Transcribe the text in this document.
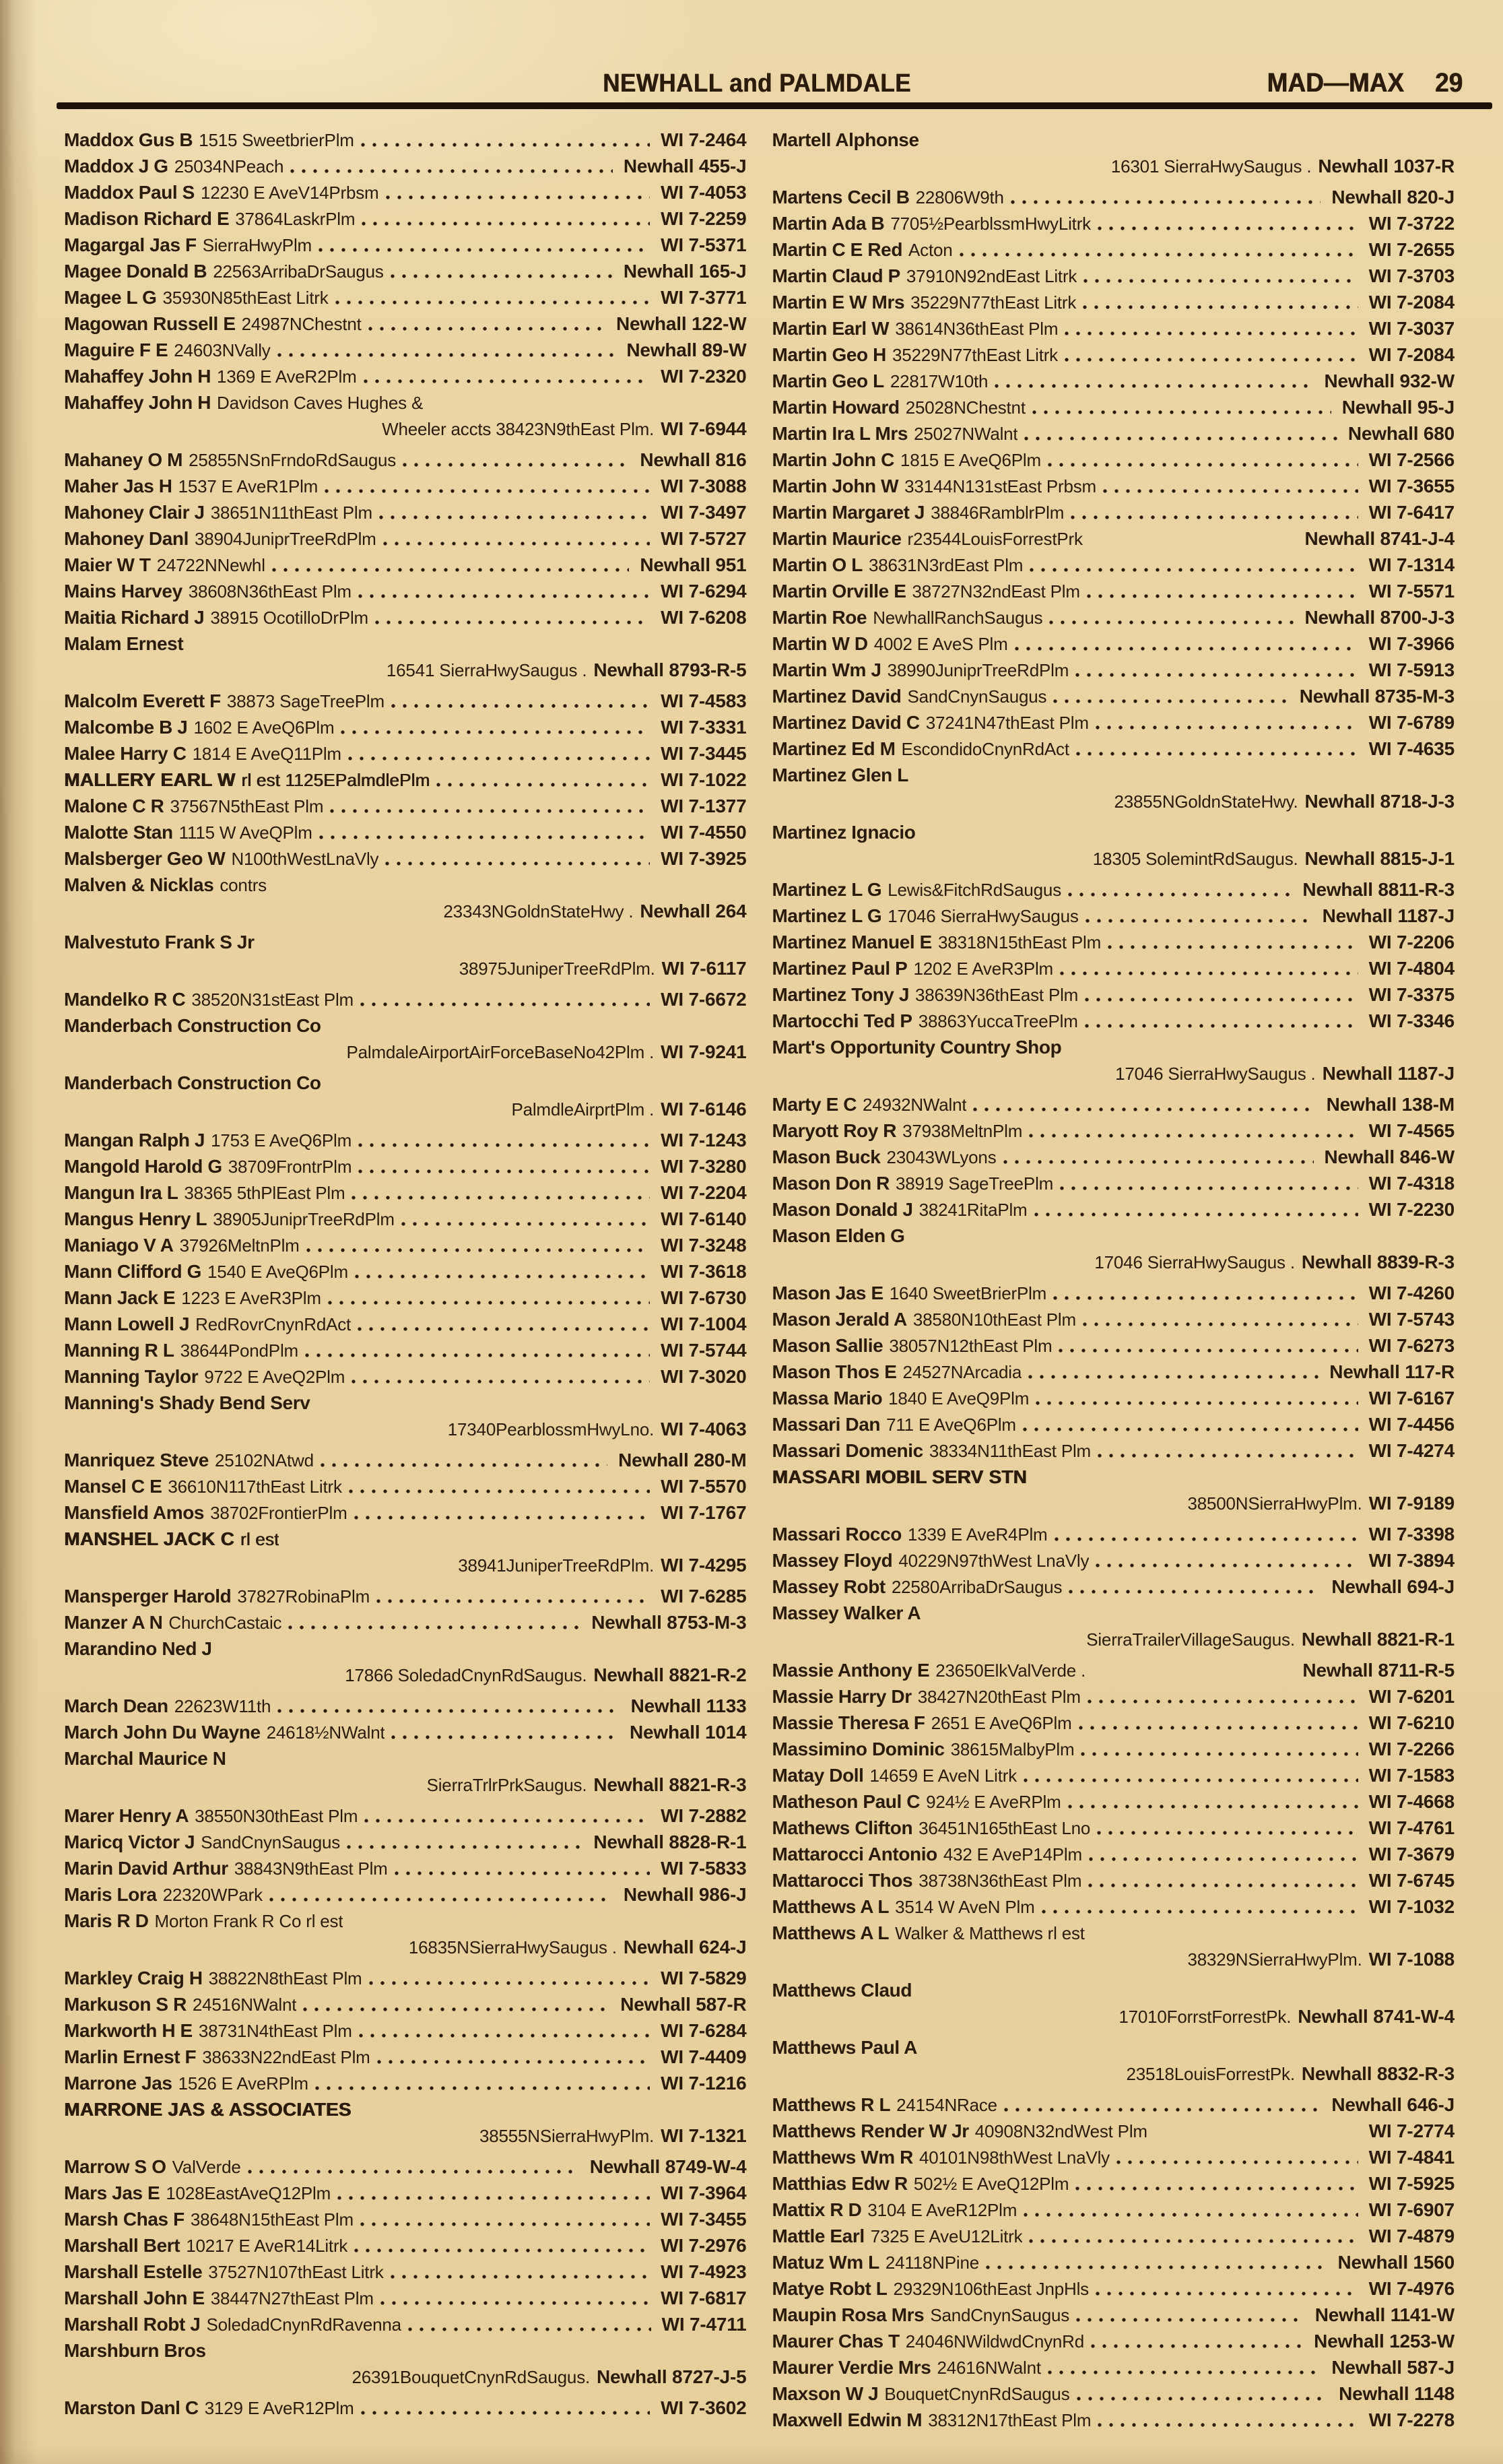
NEWHALL and PALMDALE	MAD—MAX 29
Maddox Gus B 1515 SweetbrierPlm	WI 7-2464
Maddox J G 25034NPeach	Newhall 455-J
Maddox Paul S 12230 E AveV14Prbsm	WI 7-4053
Madison Richard E 37864LaskrPlm	WI 7-2259
Magargal Jas F SierraHwyPlm	WI 7-5371
Magee Donald B 22563ArribaDrSaugus	Newhall 165-J
Magee L G 35930N85thEast Litrk	WI 7-3771
Magowan Russell E 24987NChestnt	Newhall 122-W
Maguire F E 24603NVally	Newhall 89-W
Mahaffey John H 1369 E AveR2Plm	WI 7-2320
Mahaffey John H Davidson Caves Hughes &
Wheeler accts 38423N9thEast Plm. WI 7-6944
Mahaney O M 25855NSnFrndoRdSaugus	Newhall 816
Maher Jas H 1537 E AveR1Plm	WI 7-3088
Mahoney Clair J 38651N11thEast Plm	WI 7-3497
Mahoney Danl 38904JuniprTreeRdPlm	WI 7-5727
Maier W T 24722NNewhl	Newhall 951
Mains Harvey 38608N36thEast Plm	WI 7-6294
Maitia Richard J 38915 OcotilloDrPlm	WI 7-6208
Malam Ernest
16541 SierraHwySaugus . Newhall 8793-R-5
Malcolm Everett F 38873 SageTreePlm	WI 7-4583
Malcombe B J 1602 E AveQ6Plm	WI 7-3331
Malee Harry C 1814 E AveQ11Plm	WI 7-3445
MALLERY EARL W rl est 1125EPalmdlePlm	WI 7-1022
Malone C R 37567N5thEast Plm	WI 7-1377
Malotte Stan 1115 W AveQPlm	WI 7-4550
Malsberger Geo W N100thWestLnaVly	WI 7-3925
Malven & Nicklas contrs
23343NGoldnStateHwy . Newhall 264
Malvestuto Frank S Jr
38975JuniperTreeRdPlm. WI 7-6117
Mandelko R C 38520N31stEast Plm	WI 7-6672
Manderbach Construction Co
PalmdaleAirportAirForceBaseNo42Plm . WI 7-9241
Manderbach Construction Co
PalmdleAirprtPlm . WI 7-6146
Mangan Ralph J 1753 E AveQ6Plm	WI 7-1243
Mangold Harold G 38709FrontrPlm	WI 7-3280
Mangun Ira L 38365 5thPlEast Plm	WI 7-2204
Mangus Henry L 38905JuniprTreeRdPlm	WI 7-6140
Maniago V A 37926MeltnPlm	WI 7-3248
Mann Clifford G 1540 E AveQ6Plm	WI 7-3618
Mann Jack E 1223 E AveR3Plm	WI 7-6730
Mann Lowell J RedRovrCnynRdAct	WI 7-1004
Manning R L 38644PondPlm	WI 7-5744
Manning Taylor 9722 E AveQ2Plm	WI 7-3020
Manning's Shady Bend Serv
17340PearblossmHwyLno. WI 7-4063
Manriquez Steve 25102NAtwd	Newhall 280-M
Mansel C E 36610N117thEast Litrk	WI 7-5570
Mansfield Amos 38702FrontierPlm	WI 7-1767
MANSHEL JACK C rl est
38941JuniperTreeRdPlm. WI 7-4295
Mansperger Harold 37827RobinaPlm	WI 7-6285
Manzer A N ChurchCastaic	Newhall 8753-M-3
Marandino Ned J
17866 SoledadCnynRdSaugus. Newhall 8821-R-2
March Dean 22623W11th	Newhall 1133
March John Du Wayne 24618½NWalnt	Newhall 1014
Marchal Maurice N
SierraTrlrPrkSaugus. Newhall 8821-R-3
Marer Henry A 38550N30thEast Plm	WI 7-2882
Maricq Victor J SandCnynSaugus	Newhall 8828-R-1
Marin David Arthur 38843N9thEast Plm	WI 7-5833
Maris Lora 22320WPark	Newhall 986-J
Maris R D Morton Frank R Co rl est
16835NSierraHwySaugus . Newhall 624-J
Markley Craig H 38822N8thEast Plm	WI 7-5829
Markuson S R 24516NWalnt	Newhall 587-R
Markworth H E 38731N4thEast Plm	WI 7-6284
Marlin Ernest F 38633N22ndEast Plm	WI 7-4409
Marrone Jas 1526 E AveRPlm	WI 7-1216
MARRONE JAS & ASSOCIATES
38555NSierraHwyPlm. WI 7-1321
Marrow S O ValVerde	Newhall 8749-W-4
Mars Jas E 1028EastAveQ12Plm	WI 7-3964
Marsh Chas F 38648N15thEast Plm	WI 7-3455
Marshall Bert 10217 E AveR14Litrk	WI 7-2976
Marshall Estelle 37527N107thEast Litrk	WI 7-4923
Marshall John E 38447N27thEast Plm	WI 7-6817
Marshall Robt J SoledadCnynRdRavenna	WI 7-4711
Marshburn Bros
26391BouquetCnynRdSaugus. Newhall 8727-J-5
Marston Danl C 3129 E AveR12Plm	WI 7-3602
Martell Alphonse
16301 SierraHwySaugus . Newhall 1037-R
Martens Cecil B 22806W9th	Newhall 820-J
Martin Ada B 7705½PearblssmHwyLitrk	WI 7-3722
Martin C E Red Acton	WI 7-2655
Martin Claud P 37910N92ndEast Litrk	WI 7-3703
Martin E W Mrs 35229N77thEast Litrk	WI 7-2084
Martin Earl W 38614N36thEast Plm	WI 7-3037
Martin Geo H 35229N77thEast Litrk	WI 7-2084
Martin Geo L 22817W10th	Newhall 932-W
Martin Howard 25028NChestnt	Newhall 95-J
Martin Ira L Mrs 25027NWalnt	Newhall 680
Martin John C 1815 E AveQ6Plm	WI 7-2566
Martin John W 33144N131stEast Prbsm	WI 7-3655
Martin Margaret J 38846RamblrPlm	WI 7-6417
Martin Maurice r23544LouisForrestPrk	Newhall 8741-J-4
Martin O L 38631N3rdEast Plm	WI 7-1314
Martin Orville E 38727N32ndEast Plm	WI 7-5571
Martin Roe NewhallRanchSaugus	Newhall 8700-J-3
Martin W D 4002 E AveS Plm	WI 7-3966
Martin Wm J 38990JuniprTreeRdPlm	WI 7-5913
Martinez David SandCnynSaugus	Newhall 8735-M-3
Martinez David C 37241N47thEast Plm	WI 7-6789
Martinez Ed M EscondidoCnynRdAct	WI 7-4635
Martinez Glen L
23855NGoldnStateHwy. Newhall 8718-J-3
Martinez Ignacio
18305 SolemintRdSaugus. Newhall 8815-J-1
Martinez L G Lewis&FitchRdSaugus	Newhall 8811-R-3
Martinez L G 17046 SierraHwySaugus	Newhall 1187-J
Martinez Manuel E 38318N15thEast Plm	WI 7-2206
Martinez Paul P 1202 E AveR3Plm	WI 7-4804
Martinez Tony J 38639N36thEast Plm	WI 7-3375
Martocchi Ted P 38863YuccaTreePlm	WI 7-3346
Mart's Opportunity Country Shop
17046 SierraHwySaugus . Newhall 1187-J
Marty E C 24932NWalnt	Newhall 138-M
Maryott Roy R 37938MeltnPlm	WI 7-4565
Mason Buck 23043WLyons	Newhall 846-W
Mason Don R 38919 SageTreePlm	WI 7-4318
Mason Donald J 38241RitaPlm	WI 7-2230
Mason Elden G
17046 SierraHwySaugus . Newhall 8839-R-3
Mason Jas E 1640 SweetBrierPlm	WI 7-4260
Mason Jerald A 38580N10thEast Plm	WI 7-5743
Mason Sallie 38057N12thEast Plm	WI 7-6273
Mason Thos E 24527NArcadia	Newhall 117-R
Massa Mario 1840 E AveQ9Plm	WI 7-6167
Massari Dan 711 E AveQ6Plm	WI 7-4456
Massari Domenic 38334N11thEast Plm	WI 7-4274
MASSARI MOBIL SERV STN
38500NSierraHwyPlm. WI 7-9189
Massari Rocco 1339 E AveR4Plm	WI 7-3398
Massey Floyd 40229N97thWest LnaVly	WI 7-3894
Massey Robt 22580ArribaDrSaugus	Newhall 694-J
Massey Walker A
SierraTrailerVillageSaugus. Newhall 8821-R-1
Massie Anthony E 23650ElkValVerde .	Newhall 8711-R-5
Massie Harry Dr 38427N20thEast Plm	WI 7-6201
Massie Theresa F 2651 E AveQ6Plm	WI 7-6210
Massimino Dominic 38615MalbyPlm	WI 7-2266
Matay Doll 14659 E AveN Litrk	WI 7-1583
Matheson Paul C 924½ E AveRPlm	WI 7-4668
Mathews Clifton 36451N165thEast Lno	WI 7-4761
Mattarocci Antonio 432 E AveP14Plm	WI 7-3679
Mattarocci Thos 38738N36thEast Plm	WI 7-6745
Matthews A L 3514 W AveN Plm	WI 7-1032
Matthews A L Walker & Matthews rl est
38329NSierraHwyPlm. WI 7-1088
Matthews Claud
17010ForrstForrestPk. Newhall 8741-W-4
Matthews Paul A
23518LouisForrestPk. Newhall 8832-R-3
Matthews R L 24154NRace	Newhall 646-J
Matthews Render W Jr 40908N32ndWest Plm	WI 7-2774
Matthews Wm R 40101N98thWest LnaVly	WI 7-4841
Matthias Edw R 502½ E AveQ12Plm	WI 7-5925
Mattix R D 3104 E AveR12Plm	WI 7-6907
Mattle Earl 7325 E AveU12Litrk	WI 7-4879
Matuz Wm L 24118NPine	Newhall 1560
Matye Robt L 29329N106thEast JnpHls	WI 7-4976
Maupin Rosa Mrs SandCnynSaugus	Newhall 1141-W
Maurer Chas T 24046NWildwdCnynRd	Newhall 1253-W
Maurer Verdie Mrs 24616NWalnt	Newhall 587-J
Maxson W J BouquetCnynRdSaugus	Newhall 1148
Maxwell Edwin M 38312N17thEast Plm	WI 7-2278
